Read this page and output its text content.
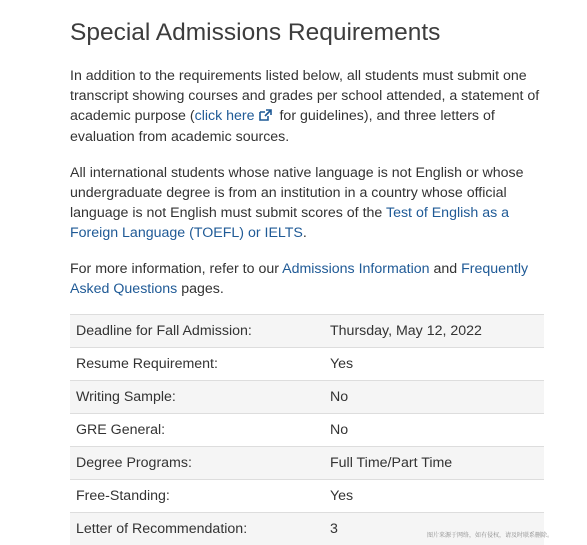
Special Admissions Requirements

In addition to the requirements listed below, all students must submit one transcript showing courses and grades per school attended, a statement of academic purpose (click here for guidelines), and three letters of evaluation from academic sources.

All international students whose native language is not English or whose undergraduate degree is from an institution in a country whose official language is not English must submit scores of the Test of English as a Foreign Language (TOEFL) or IELTS.

For more information, refer to our Admissions Information and Frequently Asked Questions pages.

Deadline for Fall Admission:	Thursday, May 12, 2022
Resume Requirement:	Yes
Writing Sample:	No
GRE General:	No
Degree Programs:	Full Time/Part Time
Free-Standing:	Yes
Letter of Recommendation:	3	图片来源于网络，如有侵权，请及时联系删除。
